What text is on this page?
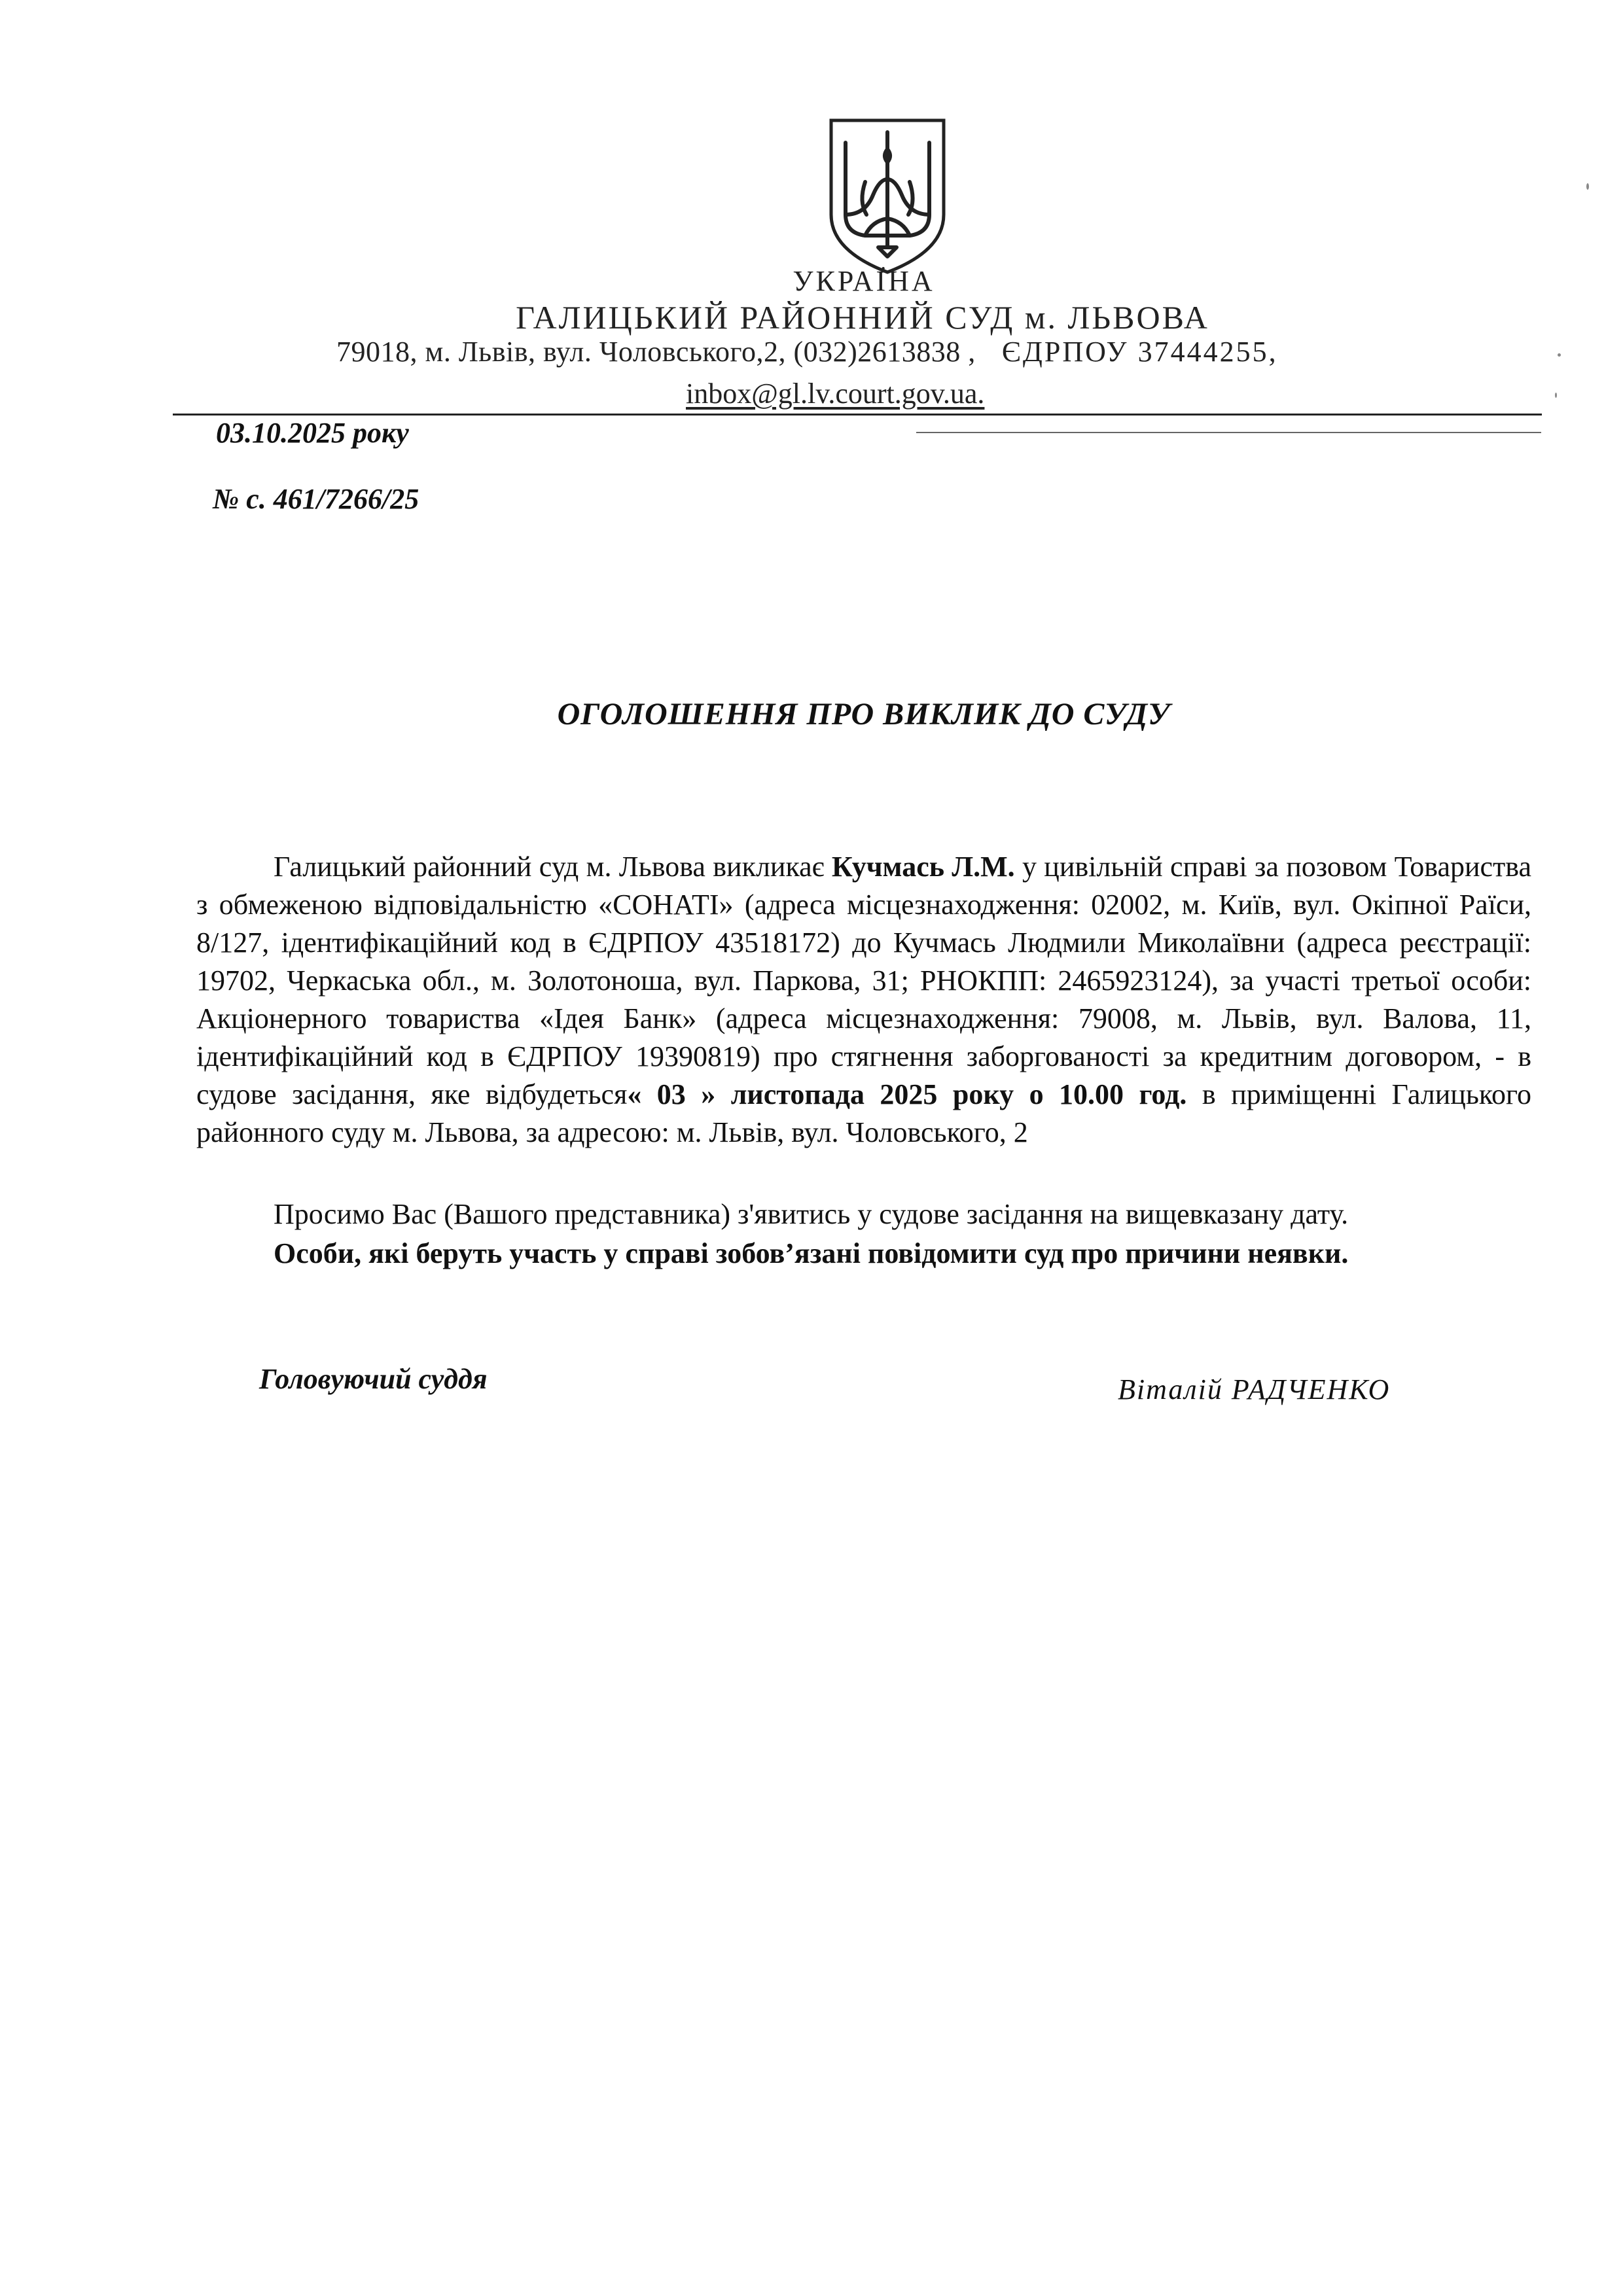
УКРАЇНА
ГАЛИЦЬКИЙ РАЙОННИЙ СУД м. ЛЬВОВА
79018, м. Львів, вул. Чоловського,2, (032)2613838 , ЄДРПОУ 37444255,
inbox@gl.lv.court.gov.ua.
03.10.2025 року
№ с. 461/7266/25
ОГОЛОШЕННЯ ПРО ВИКЛИК ДО СУДУ
Галицький районний суд м. Львова викликає Кучмась Л.М. у цивільній справі за позовом Товариства з обмеженою відповідальністю «СОНАТІ» (адреса місцезнаходження: 02002, м. Київ, вул. Окіпної Раїси, 8/127, ідентифікаційний код в ЄДРПОУ 43518172) до Кучмась Людмили Миколаївни (адреса реєстрації: 19702, Черкаська обл., м. Золотоноша, вул. Паркова, 31; РНОКПП: 2465923124), за участі третьої особи: Акціонерного товариства «Ідея Банк» (адреса місцезнаходження: 79008, м. Львів, вул. Валова, 11, ідентифікаційний код в ЄДРПОУ 19390819) про стягнення заборгованості за кредитним договором, - в судове засідання, яке відбудеться« 03 » листопада 2025 року о 10.00 год. в приміщенні Галицького районного суду м. Львова, за адресою: м. Львів, вул. Чоловського, 2
Просимо Вас (Вашого представника) з'явитись у судове засідання на вищевказану дату.
Особи, які беруть участь у справі зобов’язані повідомити суд про причини неявки.
Головуючий суддя	Віталій РАДЧЕНКО
